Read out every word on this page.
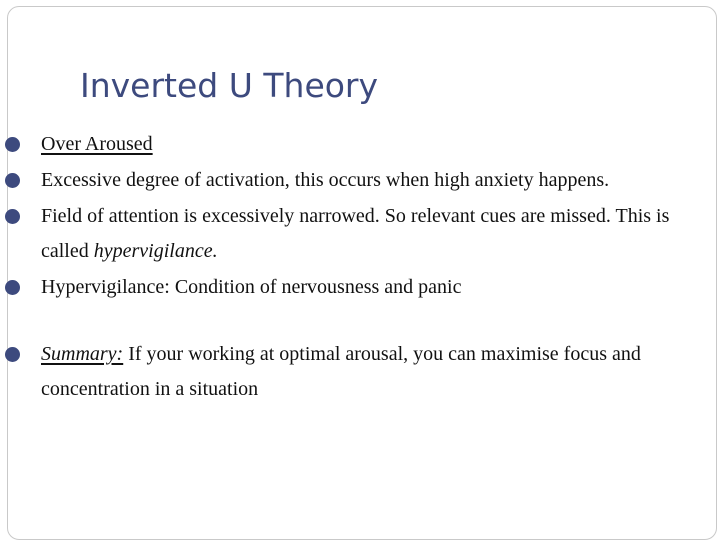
Inverted U Theory
Over Aroused
Excessive degree of activation, this occurs when high anxiety happens.
Field of attention is excessively narrowed. So relevant cues are missed. This is called hypervigilance.
Hypervigilance: Condition of nervousness and panic
Summary: If your working at optimal arousal, you can maximise focus and concentration in a situation
